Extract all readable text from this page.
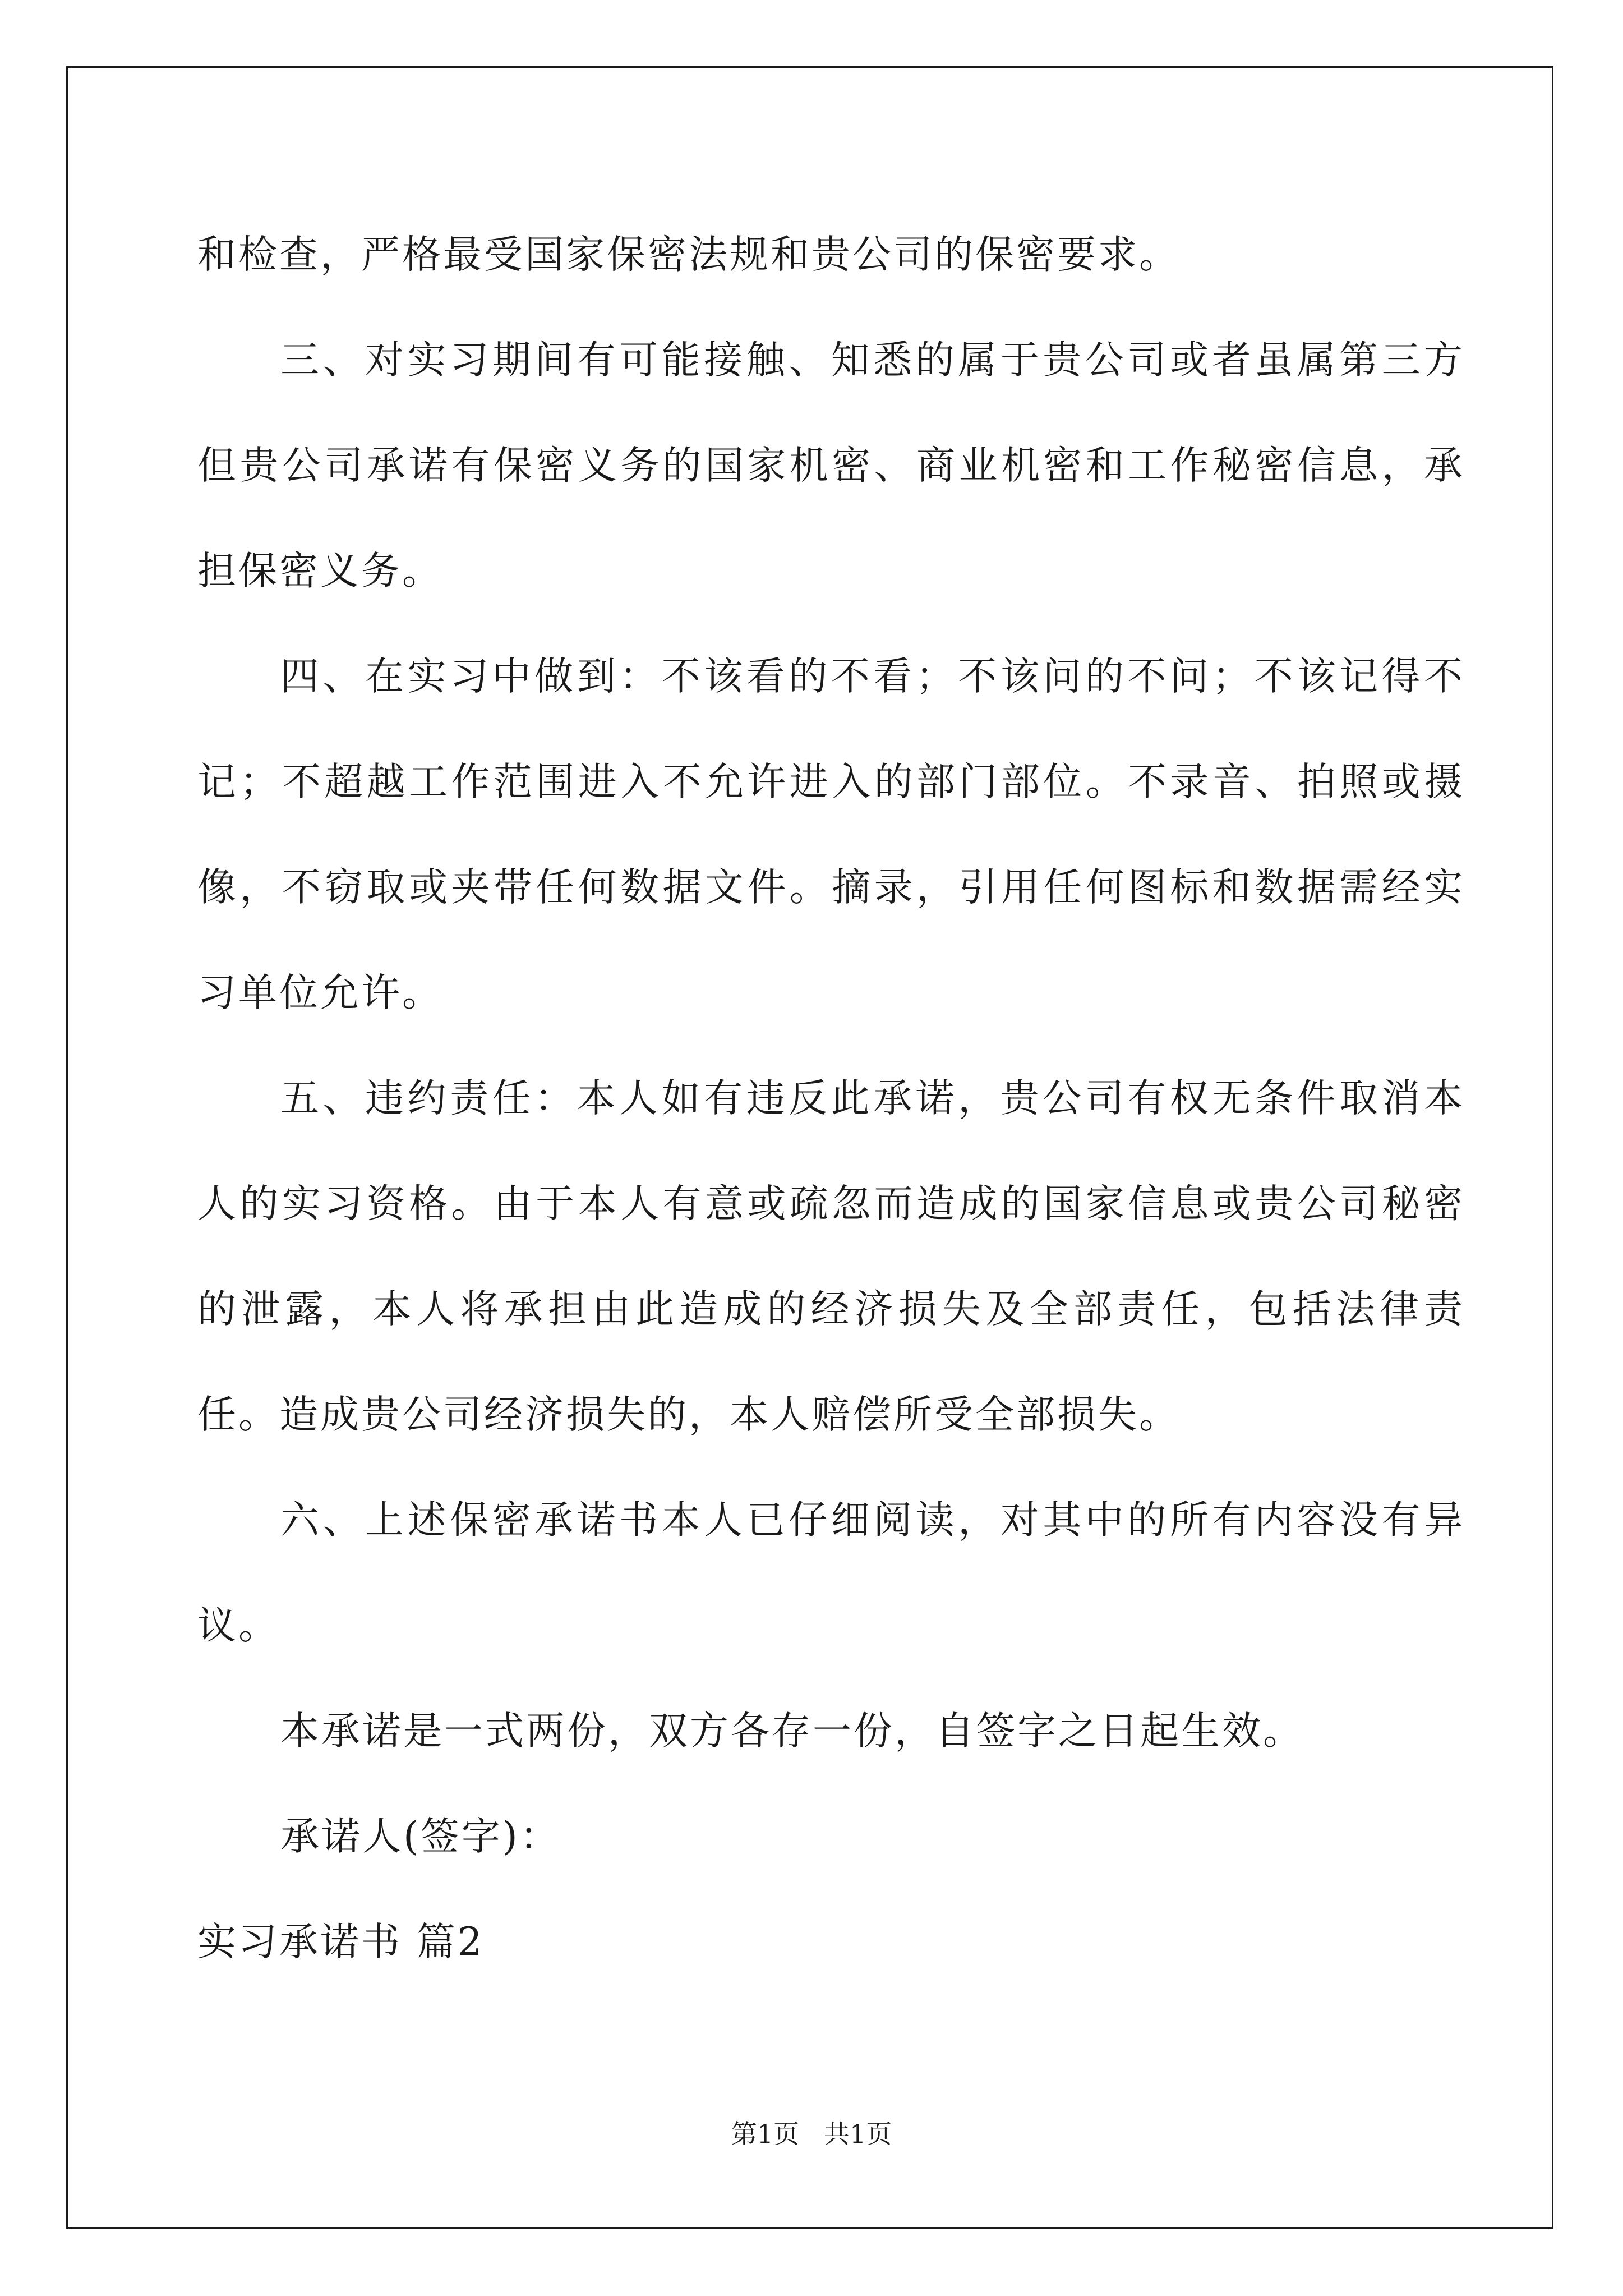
和检查，严格最受国家保密法规和贵公司的保密要求。

三、对实习期间有可能接触、知悉的属于贵公司或者虽属第三方但贵公司承诺有保密义务的国家机密、商业机密和工作秘密信息，承担保密义务。

四、在实习中做到：不该看的不看；不该问的不问；不该记得不记；不超越工作范围进入不允许进入的部门部位。不录音、拍照或摄像，不窃取或夹带任何数据文件。摘录，引用任何图标和数据需经实习单位允许。

五、违约责任：本人如有违反此承诺，贵公司有权无条件取消本人的实习资格。由于本人有意或疏忽而造成的国家信息或贵公司秘密的泄露，本人将承担由此造成的经济损失及全部责任，包括法律责任。造成贵公司经济损失的，本人赔偿所受全部损失。

六、上述保密承诺书本人已仔细阅读，对其中的所有内容没有异议。

本承诺是一式两份，双方各存一份，自签字之日起生效。

承诺人(签字)：

实习承诺书 篇2

第1页 共1页
